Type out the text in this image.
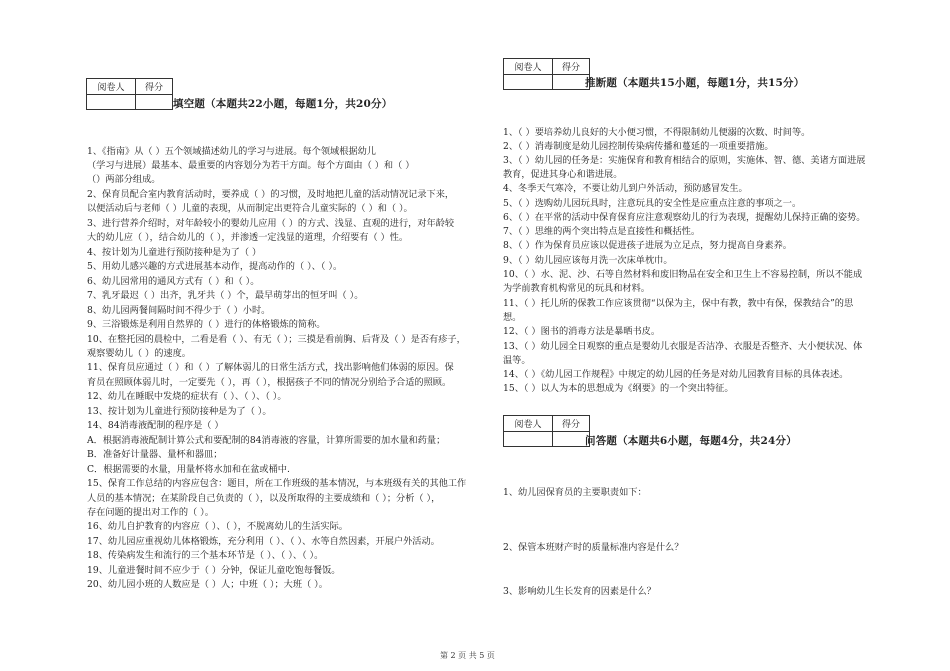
阅卷人	得分

填空题（本题共22小题，每题1分，共20分）
1、《指南》从（ ）五个领域描述幼儿的学习与进展。每个领域根据幼儿
（学习与进展）最基本、最重要的内容划分为若干方面。每个方面由（ ）和（ ）
（）两部分组成。
2、保育员配合室内教育活动时，要养成（ ）的习惯，及时地把儿童的活动情况记录下来，
以便活动后与老师（ ）儿童的表现，从而制定出更符合儿童实际的（ ）和（ ）。
3、进行营养介绍时，对年龄较小的婴幼儿应用（ ）的方式、浅显、直观的进行，对年龄较
大的幼儿应（ ），结合幼儿的（ ），并渗透一定浅显的道理，介绍要有（ ）性。
4、按计划为儿童进行预防接种是为了（ ）
5、用幼儿感兴趣的方式进展基本动作，提高动作的（ ）、（ ）。
6、幼儿园常用的通风方式有（ ）和（ ）。
7、乳牙最迟（ ）出齐，乳牙共（ ）个，最早萌芽出的恒牙叫（ ）。
8、幼儿园两餐间隔时间不得少于（ ）小时。
9、三浴锻炼是利用自然界的（ ）进行的体格锻炼的简称。
10、在整托园的晨检中，二看是看（ ）、有无（ ）；三摸是看前胸、后背及（ ）是否有疹子，
观察婴幼儿（ ）的速度。
11、保育员应通过（ ）和（ ）了解体弱儿的日常生活方式，找出影响他们体弱的原因。保
育员在照顾体弱儿时，一定要先（ ），再（ ），根据孩子不同的情况分别给予合适的照顾。
12、幼儿在睡眠中发烧的症状有（ ）、（ ）、（ ）。
13、按计划为儿童进行预防接种是为了（ ）。
14、84消毒液配制的程序是（ ）
A．根据消毒液配制计算公式和要配制的84消毒液的容量，计算所需要的加水量和药量；
B．准备好计量器、量杯和器皿；
C．根据需要的水量，用量杯将水加和在盆或桶中.
15、保育工作总结的内容应包含：题目，所在工作班级的基本情况，与本班级有关的其他工作
人员的基本情况；在某阶段自己负责的（ ），以及所取得的主要成绩和（ ）；分析（ ），
存在问题的提出对工作的（ ）。
16、幼儿自护教育的内容应（ ）、（ ），不脱离幼儿的生活实际。
17、幼儿园应重视幼儿体格锻炼，充分利用（ ）、（ ）、水等自然因素，开展户外活动。
18、传染病发生和流行的三个基本环节是（ ）、（ ）、（ ）。
19、儿童进餐时间不应少于（ ）分钟，保证儿童吃饱每餐饭。
20、幼儿园小班的人数应是（ ）人；中班（ ）；大班（ ）。
阅卷人	得分

推断题（本题共15小题，每题1分，共15分）
1、（ ）要培养幼儿良好的大小便习惯，不得限制幼儿便溺的次数、时间等。
2、（ ）消毒制度是幼儿园控制传染病传播和蔓延的一项重要措施。
3、（ ）幼儿园的任务是：实施保育和教育相结合的原则，实施体、智、德、美诸方面进展
教育，促进其身心和谐进展。
4、冬季天气寒冷，不要让幼儿到户外活动，预防感冒发生。
5、（ ）选购幼儿园玩具时，注意玩具的安全性是应重点注意的事项之一。
6、（ ）在平常的活动中保育保育应注意观察幼儿的行为表现，提醒幼儿保持正确的姿势。
7、（ ）思维的两个突出特点是直接性和概括性。
8、（ ）作为保育员应该以促进孩子进展为立足点，努力提高自身素养。
9、（ ）幼儿园应该每月洗一次床单枕巾。
10、（ ）水、泥、沙、石等自然材料和废旧物品在安全和卫生上不容易控制，所以不能成
为学前教育机构常见的玩具和材料。
11、（ ）托儿所的保教工作应该贯彻“以保为主，保中有教，教中有保，保教结合”的思
想。
12、（ ）图书的消毒方法是暴晒书皮。
13、（ ）幼儿园全日观察的重点是婴幼儿衣服是否洁净、衣服是否整齐、大小便状况、体
温等。
14、（ ）《幼儿园工作规程》中规定的幼儿园的任务是对幼儿园教育目标的具体表述。
15、（ ）以人为本的思想成为《纲要》的一个突出特征。
阅卷人	得分

问答题（本题共6小题，每题4分，共24分）
1、幼儿园保育员的主要职责如下：
2、保管本班财产时的质量标准内容是什么？
3、影响幼儿生长发育的因素是什么？
第 2 页 共 5 页
